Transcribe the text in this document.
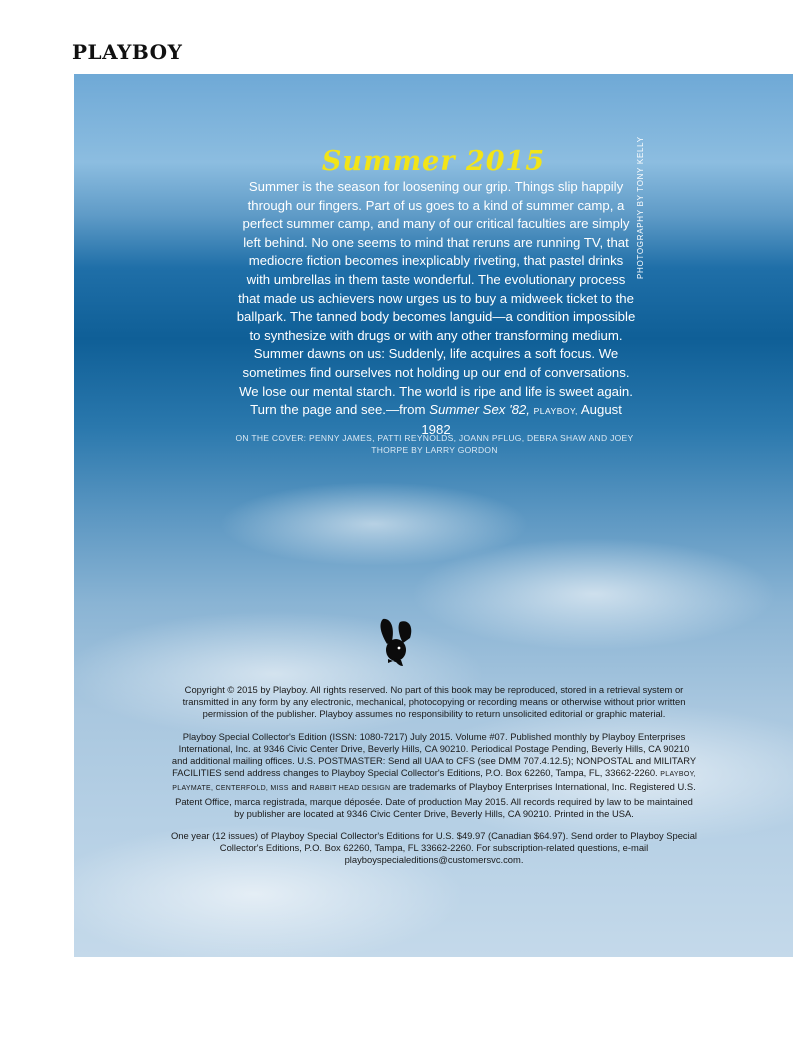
PLAYBOY
Summer 2015
Summer is the season for loosening our grip. Things slip happily through our fingers. Part of us goes to a kind of summer camp, a perfect summer camp, and many of our critical faculties are simply left behind. No one seems to mind that reruns are running TV, that mediocre fiction becomes inexplicably riveting, that pastel drinks with umbrellas in them taste wonderful. The evolutionary process that made us achievers now urges us to buy a midweek ticket to the ballpark. The tanned body becomes languid—a condition impossible to synthesize with drugs or with any other transforming medium. Summer dawns on us: Suddenly, life acquires a soft focus. We sometimes find ourselves not holding up our end of conversations. We lose our mental starch. The world is ripe and life is sweet again. Turn the page and see.—from Summer Sex '82, PLAYBOY, August 1982
ON THE COVER: PENNY JAMES, PATTI REYNOLDS, JOANN PFLUG, DEBRA SHAW AND JOEY THORPE BY LARRY GORDON
PHOTOGRAPHY BY TONY KELLY

Copyright © 2015 by Playboy. All rights reserved. No part of this book may be reproduced, stored in a retrieval system or transmitted in any form by any electronic, mechanical, photocopying or recording means or otherwise without prior written permission of the publisher. Playboy assumes no responsibility to return unsolicited editorial or graphic material.

Playboy Special Collector's Edition (ISSN: 1080-7217) July 2015. Volume #07. Published monthly by Playboy Enterprises International, Inc. at 9346 Civic Center Drive, Beverly Hills, CA 90210. Periodical Postage Pending, Beverly Hills, CA 90210 and additional mailing offices. U.S. POSTMASTER: Send all UAA to CFS (see DMM 707.4.12.5); NONPOSTAL and MILITARY FACILITIES send address changes to Playboy Special Collector's Editions, P.O. Box 62260, Tampa, FL, 33662-2260. PLAYBOY, PLAYMATE, CENTERFOLD, MISS and RABBIT HEAD DESIGN are trademarks of Playboy Enterprises International, Inc. Registered U.S. Patent Office, marca registrada, marque déposée. Date of production May 2015. All records required by law to be maintained by publisher are located at 9346 Civic Center Drive, Beverly Hills, CA 90210. Printed in the USA.

One year (12 issues) of Playboy Special Collector's Editions for U.S. $49.97 (Canadian $64.97). Send order to Playboy Special Collector's Editions, P.O. Box 62260, Tampa, FL 33662-2260. For subscription-related questions, e-mail playboyspecialeditions@customersvc.com.
